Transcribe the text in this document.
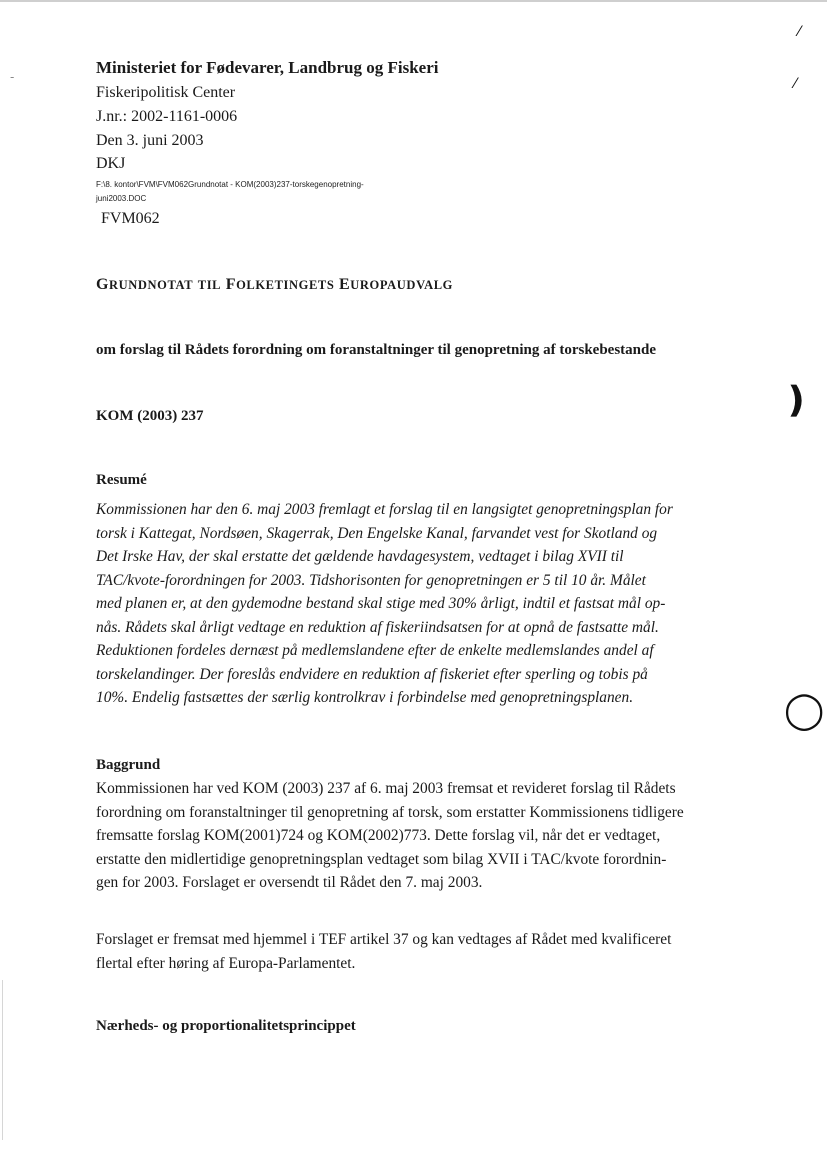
⁄
⁄
-
❫
◯
Ministeriet for Fødevarer, Landbrug og Fiskeri
Fiskeripolitisk Center
J.nr.: 2002-1161-0006
Den 3. juni 2003
DKJ
F:\8. kontor\FVM\FVM062Grundnotat - KOM(2003)237-torskegenopretning-
juni2003.DOC
FVM062
GRUNDNOTAT TIL FOLKETINGETS EUROPAUDVALG
om forslag til Rådets forordning om foranstaltninger til genopretning af torskebestande
KOM (2003) 237
Resumé
Kommissionen har den 6. maj 2003 fremlagt et forslag til en langsigtet genopretningsplan for
torsk i Kattegat, Nordsøen, Skagerrak, Den Engelske Kanal, farvandet vest for Skotland og
Det Irske Hav, der skal erstatte det gældende havdagesystem, vedtaget i bilag XVII til
TAC/kvote-forordningen for 2003. Tidshorisonten for genopretningen er 5 til 10 år. Målet
med planen er, at den gydemodne bestand skal stige med 30% årligt, indtil et fastsat mål op-
nås. Rådets skal årligt vedtage en reduktion af fiskeriindsatsen for at opnå de fastsatte mål.
Reduktionen fordeles dernæst på medlemslandene efter de enkelte medlemslandes andel af
torskelandinger. Der foreslås endvidere en reduktion af fiskeriet efter sperling og tobis på
10%. Endelig fastsættes der særlig kontrolkrav i forbindelse med genopretningsplanen.
Baggrund
Kommissionen har ved KOM (2003) 237 af 6. maj 2003 fremsat et revideret forslag til Rådets
forordning om foranstaltninger til genopretning af torsk, som erstatter Kommissionens tidligere
fremsatte forslag KOM(2001)724 og KOM(2002)773. Dette forslag vil, når det er vedtaget,
erstatte den midlertidige genopretningsplan vedtaget som bilag XVII i TAC/kvote forordnin-
gen for 2003. Forslaget er oversendt til Rådet den 7. maj 2003.
Forslaget er fremsat med hjemmel i TEF artikel 37 og kan vedtages af Rådet med kvalificeret
flertal efter høring af Europa-Parlamentet.
Nærheds- og proportionalitetsprincippet
